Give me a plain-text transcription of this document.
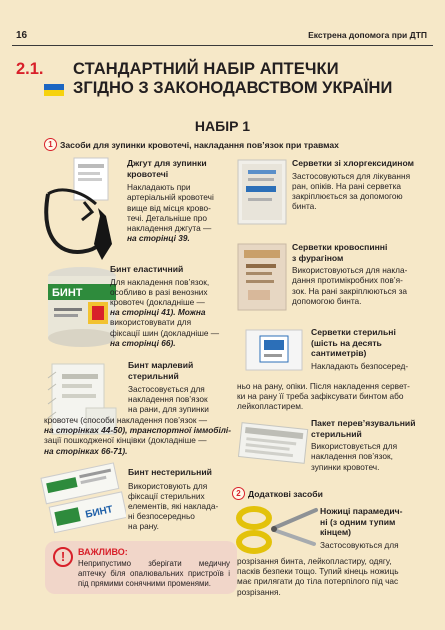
16	Екстрена допомога при ДТП
2.1. СТАНДАРТНИЙ НАБІР АПТЕЧКИ
ЗГІДНО З ЗАКОНОДАВСТВОМ УКРАЇНИ
НАБІР 1
1 Засоби для зупинки кровотечі, накладання пов’язок при травмах
Джгут для зупинки кровотечі
Накладають при
артеріальній кровотечі
вище від місця крово-
течі. Детальніше про
накладення джгута —
на сторінці 39.
БИНТ
Бинт еластичний
Для накладення пов’язок,
особливо в разі венозних
кровотеч (докладніше —
на сторінці 41). Можна
використовувати для
фіксації шин (докладніше —
на сторінці 66).
Бинт марлевий
стерильний
Застосовується для
накладення пов’язок
на рани, для зупинки
кровотеч (способи накладення пов’язок —
на сторінках 44-50), транспортної іммобілі-
зації пошкодженої кінцівки (докладніше —
на сторінках 66-71).
БИНТ
Бинт нестерильний
Використовують для
фіксації стерильних
елементів, які наклада-
ні безпосередньо
на рану.
!	ВАЖЛИВО:
Неприпустимо зберігати медичну аптечку біля опалювальних пристроїв і під прямими сонячними променями.
Серветки зі хлоргексидином
Застосовуються для лікування
ран, опіків. На рані серветка
закріплюється за допомогою
бинта.
Серветки кровоспинні
з фурагіном
Використовуються для накла-
дання протимікробних пов’я-
зок. На рані закріплюються за
допомогою бинта.
Серветки стерильні
(шість на десять
сантиметрів)
Накладають безпосеред-
ньо на рану, опіки. Після накладення сервет-
ки на рану її треба зафіксувати бинтом або
лейкопластирем.
Пакет перев’язувальний
стерильний
Використовується для
накладення пов’язок,
зупинки кровотеч.
2 Додаткові засоби
Ножиці парамедич-
ні (з одним тупим
кінцем)
Застосовуються для
розрізання бинта, лейкопластиру, одягу,
пасків безпеки тощо. Тупий кінець ножиць
має прилягати до тіла потерпілого під час
розрізання.
